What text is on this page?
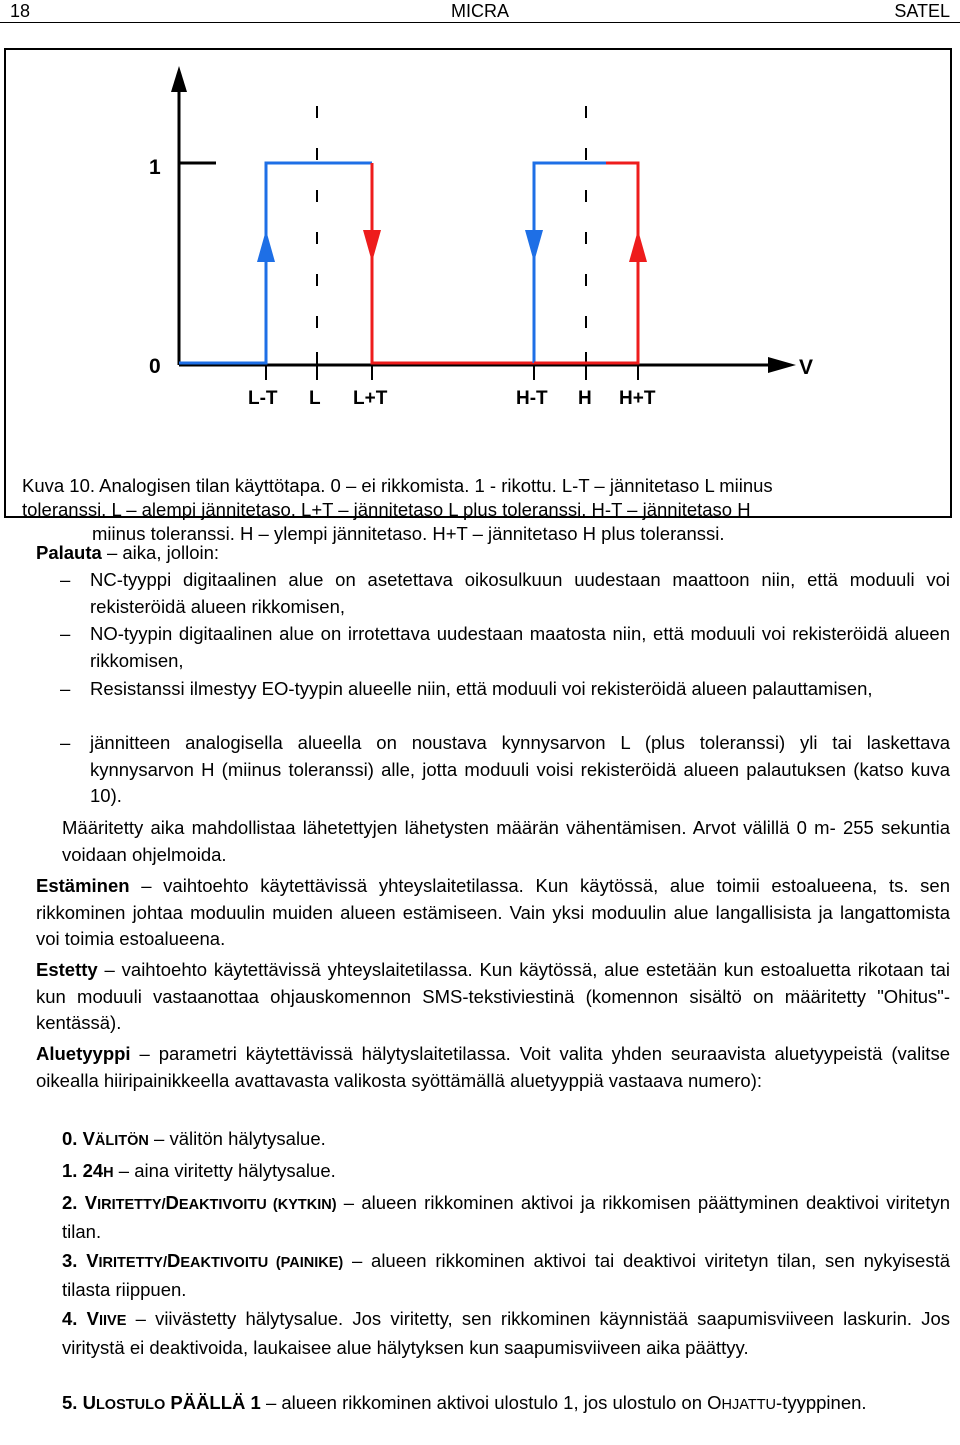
18	MICRA	SATEL
1
0	V
L-T L L+T	H-T H H+T
Kuva 10. Analogisen tilan käyttötapa. 0 – ei rikkomista. 1 - rikottu. L-T – jännitetaso L miinus
toleranssi. L – alempi jännitetaso. L+T – jännitetaso L plus toleranssi. H-T – jännitetaso H
miinus toleranssi. H – ylempi jännitetaso. H+T – jännitetaso H plus toleranssi.
Palauta – aika, jolloin:
–	NC-tyyppi digitaalinen alue on asetettava oikosulkuun uudestaan maattoon niin, että moduuli voi rekisteröidä alueen rikkomisen,
–	NO-tyypin digitaalinen alue on irrotettava uudestaan maatosta niin, että moduuli voi rekisteröidä alueen rikkomisen,
–	Resistanssi ilmestyy EO-tyypin alueelle niin, että moduuli voi rekisteröidä alueen palauttamisen,
–	jännitteen analogisella alueella on noustava kynnysarvon L (plus toleranssi) yli tai laskettava kynnysarvon H (miinus toleranssi) alle, jotta moduuli voisi rekisteröidä alueen palautuksen (katso kuva 10).
Määritetty aika mahdollistaa lähetettyjen lähetysten määrän vähentämisen. Arvot välillä 0 m- 255 sekuntia voidaan ohjelmoida.
Estäminen – vaihtoehto käytettävissä yhteyslaitetilassa. Kun käytössä, alue toimii estoalueena, ts. sen rikkominen johtaa moduulin muiden alueen estämiseen. Vain yksi moduulin alue langallisista ja langattomista voi toimia estoalueena.
Estetty – vaihtoehto käytettävissä yhteyslaitetilassa. Kun käytössä, alue estetään kun estoaluetta rikotaan tai kun moduuli vastaanottaa ohjauskomennon SMS-tekstiviestinä (komennon sisältö on määritetty "Ohitus"-kentässä).
Aluetyyppi – parametri käytettävissä hälytyslaitetilassa. Voit valita yhden seuraavista aluetyypeistä (valitse oikealla hiiripainikkeella avattavasta valikosta syöttämällä aluetyyppiä vastaava numero):
0. VÄLITÖN – välitön hälytysalue.
1. 24H – aina viritetty hälytysalue.
2. VIRITETTY/DEAKTIVOITU (KYTKIN) – alueen rikkominen aktivoi ja rikkomisen päättyminen deaktivoi viritetyn tilan.
3. VIRITETTY/DEAKTIVOITU (PAINIKE) – alueen rikkominen aktivoi tai deaktivoi viritetyn tilan, sen nykyisestä tilasta riippuen.
4. VIIVE – viivästetty hälytysalue. Jos viritetty, sen rikkominen käynnistää saapumisviiveen laskurin. Jos viritystä ei deaktivoida, laukaisee alue hälytyksen kun saapumisviiveen aika päättyy.
5. ULOSTULO PÄÄLLÄ 1 – alueen rikkominen aktivoi ulostulo 1, jos ulostulo on OHJATTU-tyyppinen.
